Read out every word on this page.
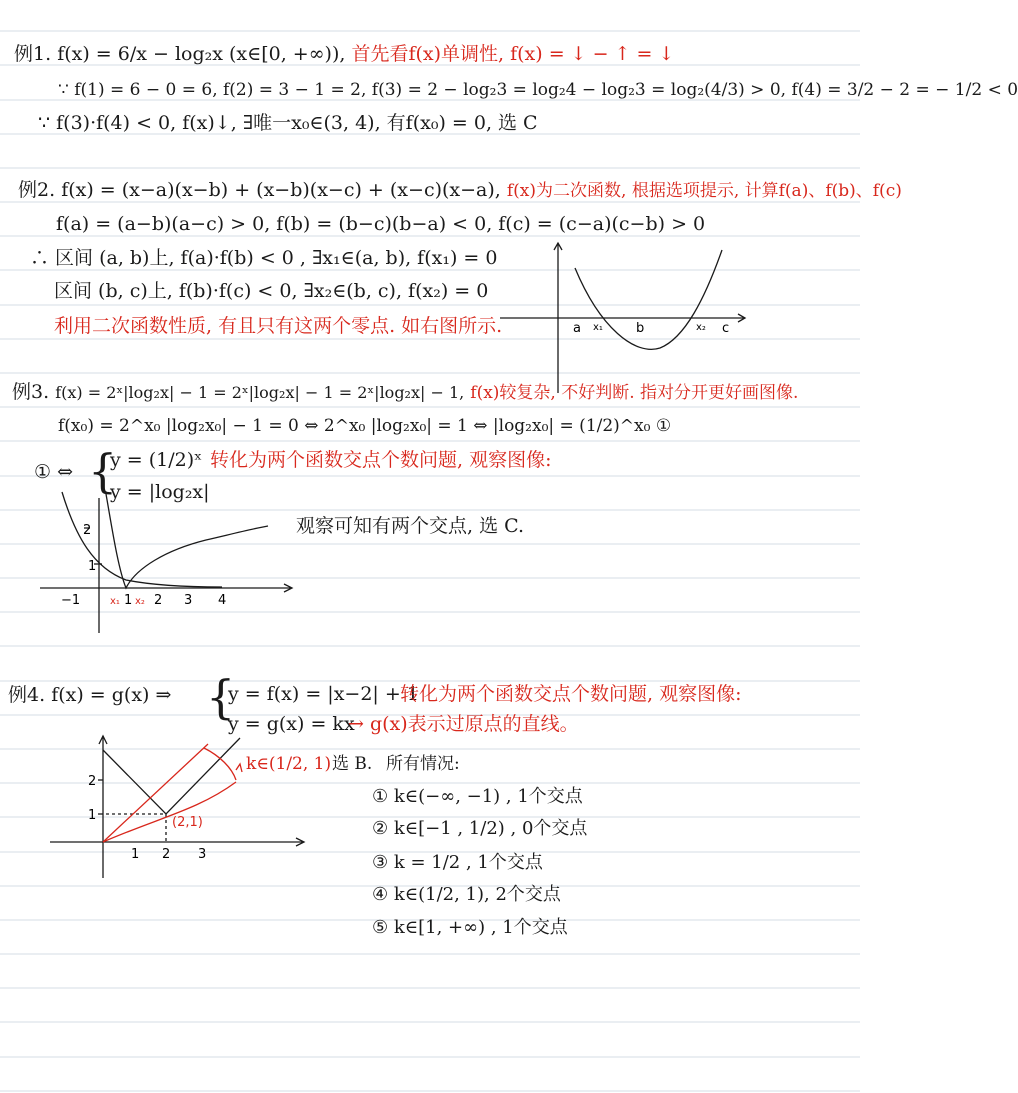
例1. f(x) = 6/x − log₂x (x∈[0, +∞)), 首先看f(x)单调性, f(x) = ↓ − ↑ = ↓
∵ f(1) = 6 − 0 = 6, f(2) = 3 − 1 = 2, f(3) = 2 − log₂3 = log₂4 − log₂3 = log₂(4/3) > 0, f(4) = 3/2 − 2 = − 1/2 < 0
∵ f(3)·f(4) < 0, f(x)↓, ∃唯一x₀∈(3, 4), 有f(x₀) = 0, 选 C
例2. f(x) = (x−a)(x−b) + (x−b)(x−c) + (x−c)(x−a), f(x)为二次函数, 根据选项提示, 计算f(a)、f(b)、f(c)
f(a) = (a−b)(a−c) > 0, f(b) = (b−c)(b−a) < 0, f(c) = (c−a)(c−b) > 0
∴ 区间 (a, b)上, f(a)·f(b) < 0 , ∃x₁∈(a, b), f(x₁) = 0
区间 (b, c)上, f(b)·f(c) < 0, ∃x₂∈(b, c), f(x₂) = 0
利用二次函数性质, 有且只有这两个零点. 如右图所示.	a x₁	b	x₂ c
例3. f(x) = 2ˣ|log₂x| − 1 = 2ˣ|log₂x| − 1 = 2ˣ|log₂x| − 1, f(x)较复杂, 不好判断. 指对分开更好画图像.
f(x₀) = 2^x₀ |log₂x₀| − 1 = 0 ⇔ 2^x₀ |log₂x₀| = 1 ⇔ |log₂x₀| = (1/2)^x₀ ①
① ⇔ {
y = (1/2)ˣ
y = |log₂x|
转化为两个函数交点个数问题, 观察图像:
观察可知有两个交点, 选 C.
2
1
−1	x₁ 1 x₂ 2 3 4
例4. f(x) = g(x) ⇒ {
y = f(x) = |x−2| + 1
y = g(x) = kx
转化为两个函数交点个数问题, 观察图像:
→ g(x)表示过原点的直线。
k∈(1/2, 1) 选 B. 所有情况:
① k∈(−∞, −1) , 1个交点
② k∈[−1 , 1/2) , 0个交点
③ k = 1/2 , 1个交点
④ k∈(1/2, 1), 2个交点
⑤ k∈[1, +∞) , 1个交点
2
1
1 2 3
(2,1)
